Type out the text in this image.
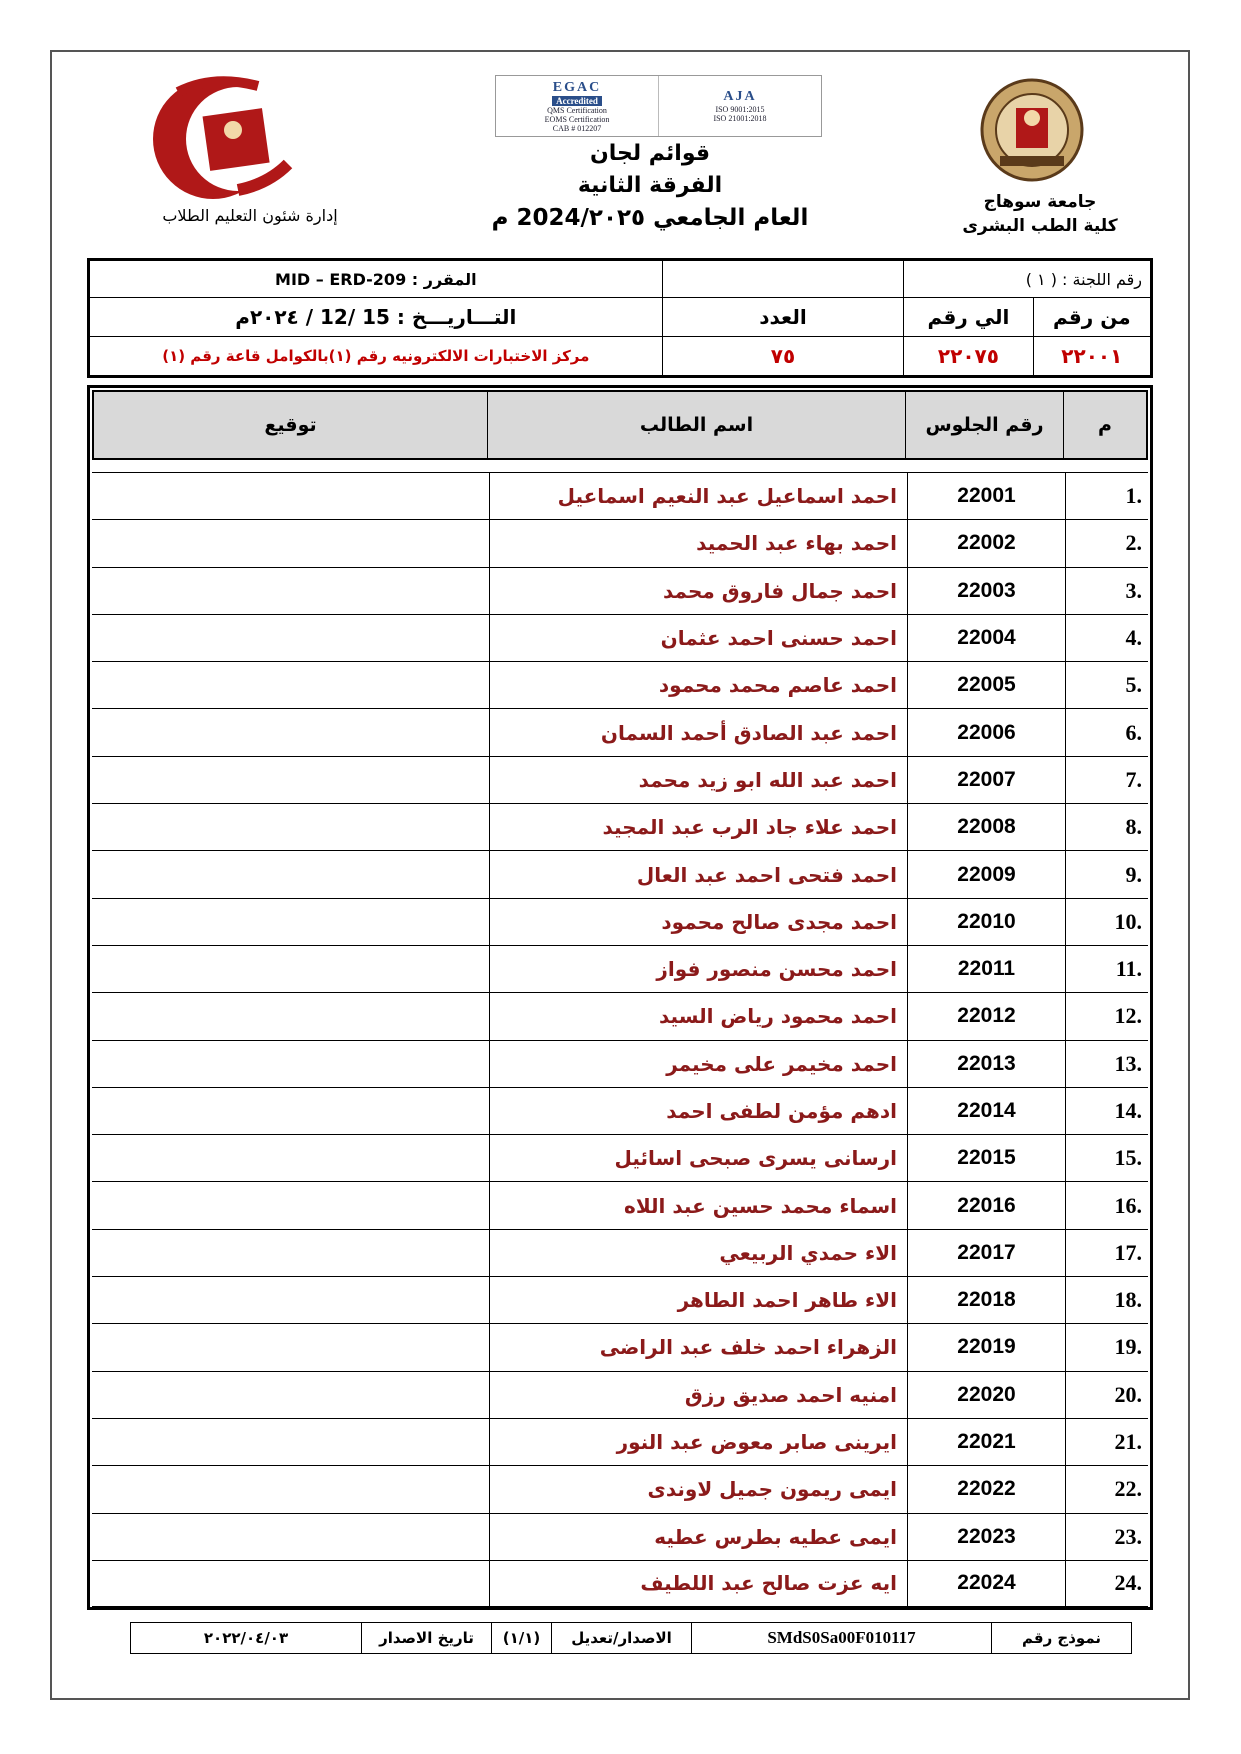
EGAC
Accredited
QMS Certification
EOMS Certification
CAB # 012207
AJA
ISO 9001:2015
ISO 21001:2018
إدارة شئون التعليم الطلاب
جامعة سوهاج
كلية الطب البشرى
قوائم لجان
الفرقة الثانية
العام الجامعي 2024/٢٠٢٥ م
رقم اللجنة : ( ١ )
المقرر : MID – ERD-209
من رقم
الي رقم
العدد
التـــاريـــخ : 15 /12 / ٢٠٢٤م
٢٢٠٠١
٢٢٠٧٥
٧٥
مركز الاختبارات الالكترونيه رقم (١)بالكوامل قاعة رقم (١)
م
رقم الجلوس
اسم الطالب
توقيع
1.
22001
احمد اسماعيل عبد النعيم اسماعيل
2.
22002
احمد بهاء عبد الحميد
3.
22003
احمد جمال فاروق محمد
4.
22004
احمد حسنى احمد عثمان
5.
22005
احمد عاصم محمد محمود
6.
22006
احمد عبد الصادق أحمد السمان
7.
22007
احمد عبد الله ابو زيد محمد
8.
22008
احمد علاء جاد الرب عبد المجيد
9.
22009
احمد فتحى احمد عبد العال
10.
22010
احمد مجدى صالح محمود
11.
22011
احمد محسن منصور فواز
12.
22012
احمد محمود رياض السيد
13.
22013
احمد مخيمر على مخيمر
14.
22014
ادهم مؤمن لطفى احمد
15.
22015
ارسانى يسرى صبحى اسائيل
16.
22016
اسماء محمد حسين عبد اللاه
17.
22017
الاء حمدي الربيعي
18.
22018
الاء طاهر احمد الطاهر
19.
22019
الزهراء احمد خلف عبد الراضى
20.
22020
امنيه احمد صديق رزق
21.
22021
ايرينى صابر معوض عبد النور
22.
22022
ايمى ريمون جميل لاوندى
23.
22023
ايمى عطيه بطرس عطيه
24.
22024
ايه عزت صالح عبد اللطيف
نموذج رقم
SMdS0Sa00F010117
الاصدار/تعديل
(١/١)
تاريخ الاصدار
٢٠٢٢/٠٤/٠٣
